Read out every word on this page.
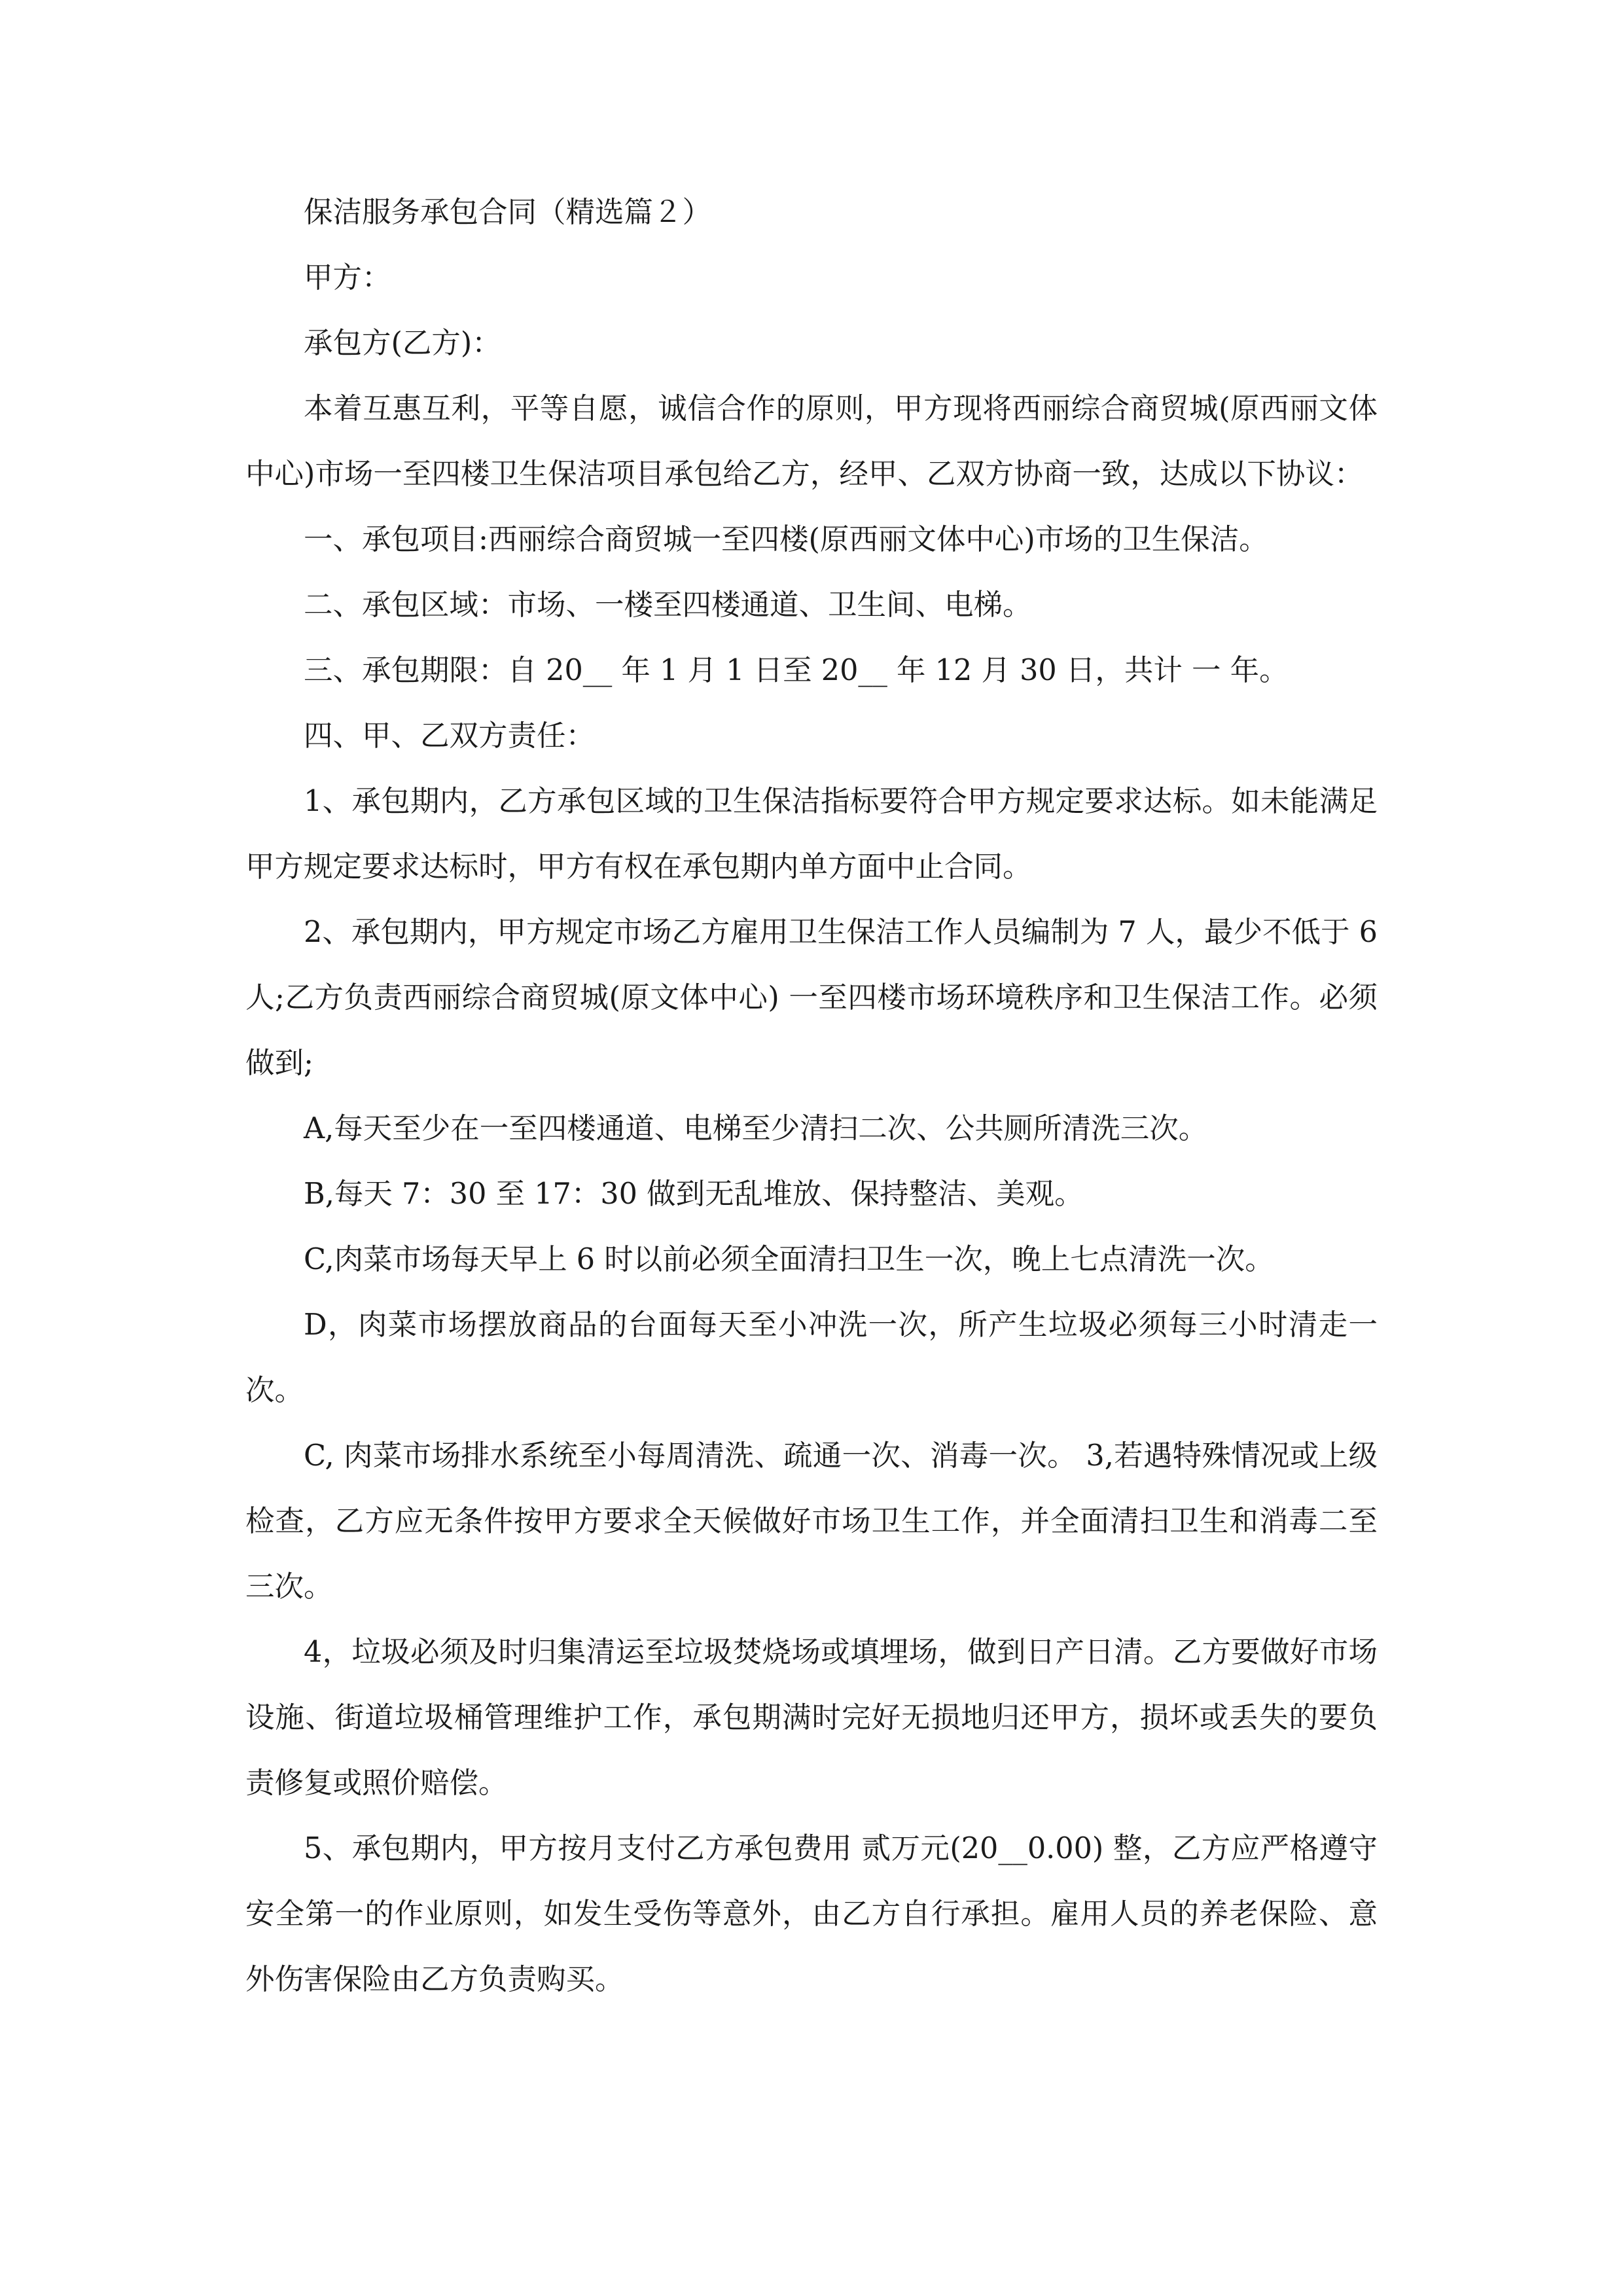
保洁服务承包合同（精选篇２）

甲方：

承包方(乙方)：

本着互惠互利，平等自愿，诚信合作的原则，甲方现将西丽综合商贸城(原西丽文体中心)市场一至四楼卫生保洁项目承包给乙方，经甲、乙双方协商一致，达成以下协议：

一、承包项目:西丽综合商贸城一至四楼(原西丽文体中心)市场的卫生保洁。

二、承包区域：市场、一楼至四楼通道、卫生间、电梯。

三、承包期限：自 20__ 年 1 月 1 日至 20__ 年 12 月 30 日，共计 一 年。

四、甲、乙双方责任：

1、承包期内，乙方承包区域的卫生保洁指标要符合甲方规定要求达标。如未能满足甲方规定要求达标时，甲方有权在承包期内单方面中止合同。

2、承包期内，甲方规定市场乙方雇用卫生保洁工作人员编制为 7 人，最少不低于 6 人;乙方负责西丽综合商贸城(原文体中心) 一至四楼市场环境秩序和卫生保洁工作。必须做到;

A,每天至少在一至四楼通道、电梯至少清扫二次、公共厕所清洗三次。

B,每天 7：30 至 17：30 做到无乱堆放、保持整洁、美观。

C,肉菜市场每天早上 6 时以前必须全面清扫卫生一次，晚上七点清洗一次。

D，肉菜市场摆放商品的台面每天至小冲洗一次，所产生垃圾必须每三小时清走一次。

C, 肉菜市场排水系统至小每周清洗、疏通一次、消毒一次。 3,若遇特殊情况或上级检查，乙方应无条件按甲方要求全天候做好市场卫生工作，并全面清扫卫生和消毒二至三次。

4，垃圾必须及时归集清运至垃圾焚烧场或填埋场，做到日产日清。乙方要做好市场设施、街道垃圾桶管理维护工作，承包期满时完好无损地归还甲方，损坏或丢失的要负责修复或照价赔偿。

5、承包期内，甲方按月支付乙方承包费用 贰万元(20__0.00) 整，乙方应严格遵守安全第一的作业原则，如发生受伤等意外，由乙方自行承担。雇用人员的养老保险、意外伤害保险由乙方负责购买。
